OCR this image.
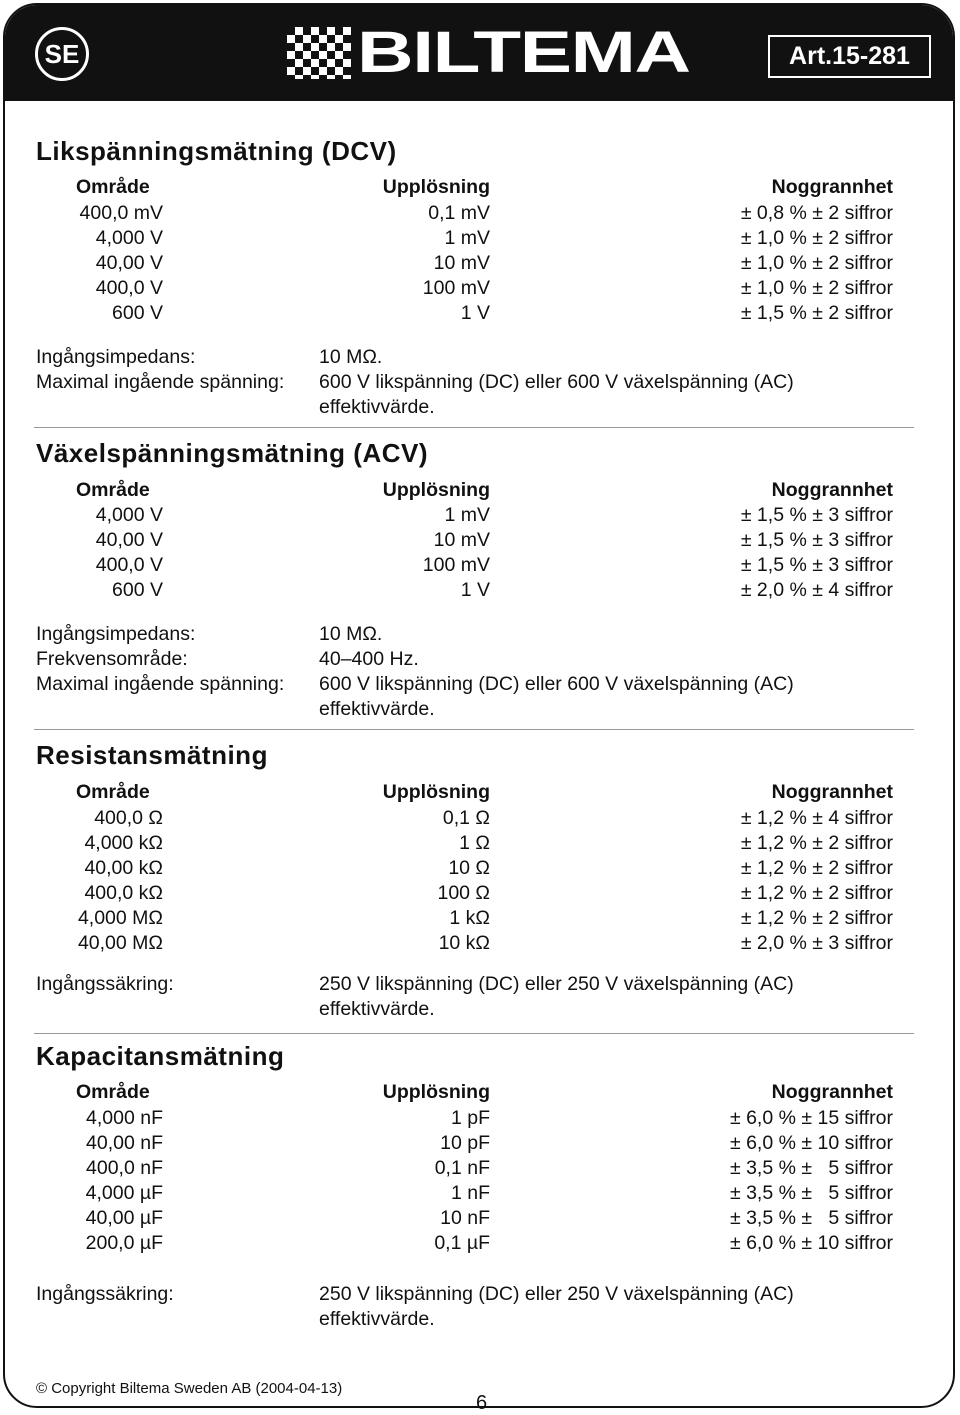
SE	BILTEMA	Art.15-281
Likspänningsmätning (DCV)
Område	Upplösning	Noggrannhet
400,0 mV	0,1 mV	± 0,8 % ± 2 siffror
4,000 V	1 mV	± 1,0 % ± 2 siffror
40,00 V	10 mV	± 1,0 % ± 2 siffror
400,0 V	100 mV	± 1,0 % ± 2 siffror
600 V	1 V	± 1,5 % ± 2 siffror
Ingångsimpedans:	10 MΩ.
Maximal ingående spänning: 600 V likspänning (DC) eller 600 V växelspänning (AC) effektivvärde.
Växelspänningsmätning (ACV)
Område	Upplösning	Noggrannhet
4,000 V	1 mV	± 1,5 % ± 3 siffror
40,00 V	10 mV	± 1,5 % ± 3 siffror
400,0 V	100 mV	± 1,5 % ± 3 siffror
600 V	1 V	± 2,0 % ± 4 siffror
Ingångsimpedans:	10 MΩ.
Frekvensområde:	40–400 Hz.
Maximal ingående spänning: 600 V likspänning (DC) eller 600 V växelspänning (AC) effektivvärde.
Resistansmätning
Område	Upplösning	Noggrannhet
400,0 Ω	0,1 Ω	± 1,2 % ± 4 siffror
4,000 kΩ	1 Ω	± 1,2 % ± 2 siffror
40,00 kΩ	10 Ω	± 1,2 % ± 2 siffror
400,0 kΩ	100 Ω	± 1,2 % ± 2 siffror
4,000 MΩ	1 kΩ	± 1,2 % ± 2 siffror
40,00 MΩ	10 kΩ	± 2,0 % ± 3 siffror
Ingångssäkring:	250 V likspänning (DC) eller 250 V växelspänning (AC) effektivvärde.
Kapacitansmätning
Område	Upplösning	Noggrannhet
4,000 nF	1 pF	± 6,0 % ± 15 siffror
40,00 nF	10 pF	± 6,0 % ± 10 siffror
400,0 nF	0,1 nF	± 3,5 % ±   5 siffror
4,000 µF	1 nF	± 3,5 % ±   5 siffror
40,00 µF	10 nF	± 3,5 % ±   5 siffror
200,0 µF	0,1 µF	± 6,0 % ± 10 siffror
Ingångssäkring:	250 V likspänning (DC) eller 250 V växelspänning (AC) effektivvärde.
© Copyright Biltema Sweden AB (2004-04-13)
6
